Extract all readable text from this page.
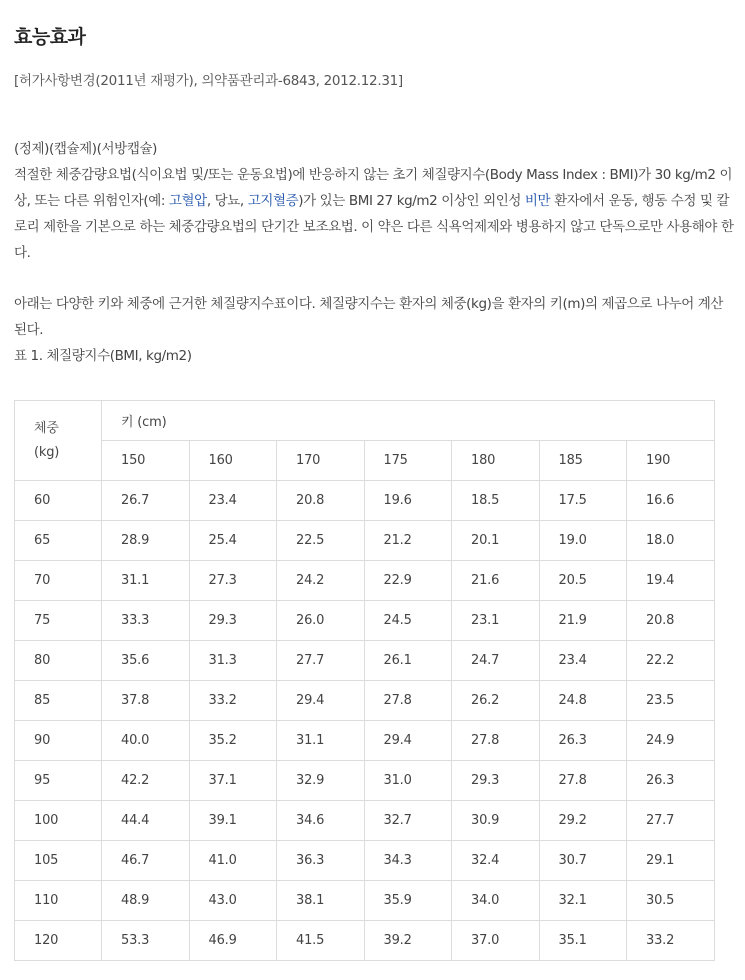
효능효과
[허가사항변경(2011년 재평가), 의약품관리과-6843, 2012.12.31]

(정제)(캡슐제)(서방캡슐)

적절한 체중감량요법(식이요법 및/또는 운동요법)에 반응하지 않는 초기 체질량지수(Body Mass Index : BMI)가 30 kg/m2 이상, 또는 다른 위험인자(예: 고혈압, 당뇨, 고지혈증)가 있는 BMI 27 kg/m2 이상인 외인성 비만 환자에서 운동, 행동 수정 및 칼로리 제한을 기본으로 하는 체중감량요법의 단기간 보조요법. 이 약은 다른 식욕억제제와 병용하지 않고 단독으로만 사용해야 한다.

아래는 다양한 키와 체중에 근거한 체질량지수표이다. 체질량지수는 환자의 체중(kg)을 환자의 키(m)의 제곱으로 나누어 계산된다.

표 1. 체질량지수(BMI, kg/m2)

체중
(kg)	키 (cm)						
	150	160	170	175	180	185	190
60	26.7	23.4	20.8	19.6	18.5	17.5	16.6
65	28.9	25.4	22.5	21.2	20.1	19.0	18.0
70	31.1	27.3	24.2	22.9	21.6	20.5	19.4
75	33.3	29.3	26.0	24.5	23.1	21.9	20.8
80	35.6	31.3	27.7	26.1	24.7	23.4	22.2
85	37.8	33.2	29.4	27.8	26.2	24.8	23.5
90	40.0	35.2	31.1	29.4	27.8	26.3	24.9
95	42.2	37.1	32.9	31.0	29.3	27.8	26.3
100	44.4	39.1	34.6	32.7	30.9	29.2	27.7
105	46.7	41.0	36.3	34.3	32.4	30.7	29.1
110	48.9	43.0	38.1	35.9	34.0	32.1	30.5
120	53.3	46.9	41.5	39.2	37.0	35.1	33.2
